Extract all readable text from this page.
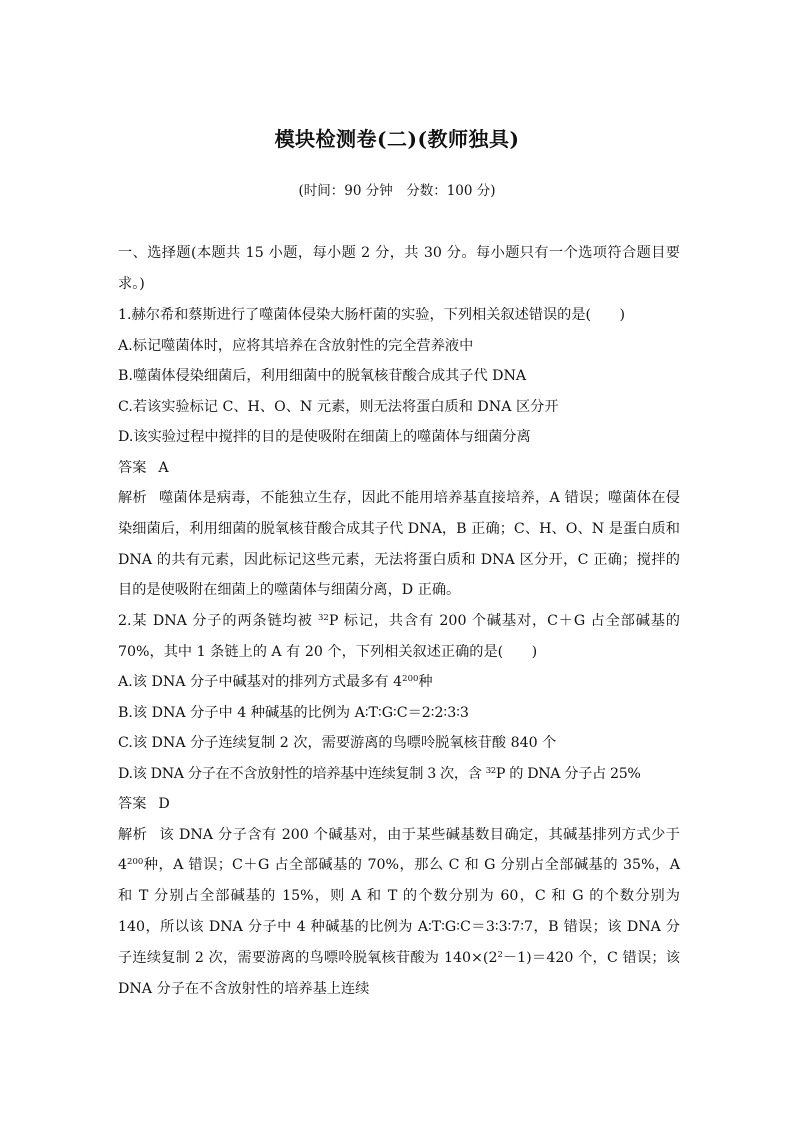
模块检测卷(二)(教师独具)
(时间：90 分钟　分数：100 分)

一、选择题(本题共 15 小题，每小题 2 分，共 30 分。每小题只有一个选项符合题目要求。)

1.赫尔希和蔡斯进行了噬菌体侵染大肠杆菌的实验，下列相关叙述错误的是(　　)

A.标记噬菌体时，应将其培养在含放射性的完全营养液中

B.噬菌体侵染细菌后，利用细菌中的脱氧核苷酸合成其子代 DNA

C.若该实验标记 C、H、O、N 元素，则无法将蛋白质和 DNA 区分开

D.该实验过程中搅拌的目的是使吸附在细菌上的噬菌体与细菌分离

答案 A

解析 噬菌体是病毒，不能独立生存，因此不能用培养基直接培养，A 错误；噬菌体在侵染细菌后，利用细菌的脱氧核苷酸合成其子代 DNA，B 正确；C、H、O、N 是蛋白质和 DNA 的共有元素，因此标记这些元素，无法将蛋白质和 DNA 区分开，C 正确；搅拌的目的是使吸附在细菌上的噬菌体与细菌分离，D 正确。

2.某 DNA 分子的两条链均被 $^{32}$P 标记，共含有 200 个碱基对，C＋G 占全部碱基的 70%，其中 1 条链上的 A 有 20 个，下列相关叙述正确的是(　　)

A.该 DNA 分子中碱基对的排列方式最多有 $4^{200}$种

B.该 DNA 分子中 4 种碱基的比例为 A∶T∶G∶C＝2∶2∶3∶3

C.该 DNA 分子连续复制 2 次，需要游离的鸟嘌呤脱氧核苷酸 840 个

D.该 DNA 分子在不含放射性的培养基中连续复制 3 次，含 $^{32}$P 的 DNA 分子占 25%

答案 D

解析 该 DNA 分子含有 200 个碱基对，由于某些碱基数目确定，其碱基排列方式少于 $4^{200}$种，A 错误；C＋G 占全部碱基的 70%，那么 C 和 G 分别占全部碱基的 35%，A 和 T 分别占全部碱基的 15%，则 A 和 T 的个数分别为 60，C 和 G 的个数分别为 140，所以该 DNA 分子中 4 种碱基的比例为 A∶T∶G∶C＝3∶3∶7∶7，B 错误；该 DNA 分子连续复制 2 次，需要游离的鸟嘌呤脱氧核苷酸为 $140\times(2^2-1)=420$ 个，C 错误；该 DNA 分子在不含放射性的培养基上连续
